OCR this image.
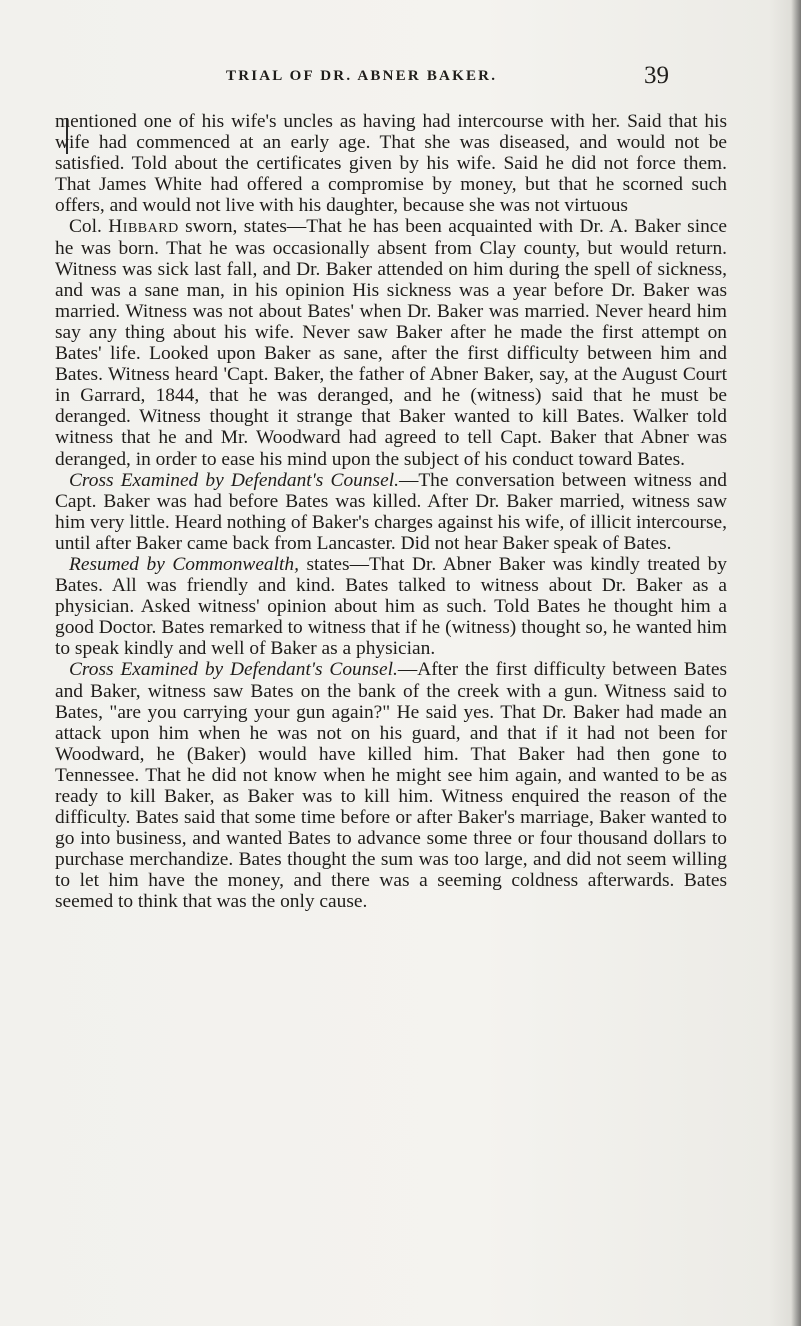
TRIAL OF DR. ABNER BAKER.	39

mentioned one of his wife's uncles as having had intercourse with her. Said that his wife had commenced at an early age. That she was diseased, and would not be satisfied. Told about the certificates given by his wife. Said he did not force them. That James White had offered a compromise by money, but that he scorned such offers, and would not live with his daughter, because she was not virtuous

Col. Hibbard sworn, states—That he has been acquainted with Dr. A. Baker since he was born. That he was occasionally absent from Clay county, but would return. Witness was sick last fall, and Dr. Baker attended on him during the spell of sickness, and was a sane man, in his opinion His sickness was a year before Dr. Baker was married. Witness was not about Bates' when Dr. Baker was married. Never heard him say any thing about his wife. Never saw Baker after he made the first attempt on Bates' life. Looked upon Baker as sane, after the first difficulty between him and Bates. Witness heard 'Capt. Baker, the father of Abner Baker, say, at the August Court in Garrard, 1844, that he was deranged, and he (witness) said that he must be deranged. Witness thought it strange that Baker wanted to kill Bates. Walker told witness that he and Mr. Woodward had agreed to tell Capt. Baker that Abner was deranged, in order to ease his mind upon the subject of his conduct toward Bates.

Cross Examined by Defendant's Counsel.—The conversation between witness and Capt. Baker was had before Bates was killed. After Dr. Baker married, witness saw him very little. Heard nothing of Baker's charges against his wife, of illicit intercourse, until after Baker came back from Lancaster. Did not hear Baker speak of Bates.

Resumed by Commonwealth, states—That Dr. Abner Baker was kindly treated by Bates. All was friendly and kind. Bates talked to witness about Dr. Baker as a physician. Asked witness' opinion about him as such. Told Bates he thought him a good Doctor. Bates remarked to witness that if he (witness) thought so, he wanted him to speak kindly and well of Baker as a physician.

Cross Examined by Defendant's Counsel.—After the first difficulty between Bates and Baker, witness saw Bates on the bank of the creek with a gun. Witness said to Bates, "are you carrying your gun again?" He said yes. That Dr. Baker had made an attack upon him when he was not on his guard, and that if it had not been for Woodward, he (Baker) would have killed him. That Baker had then gone to Tennessee. That he did not know when he might see him again, and wanted to be as ready to kill Baker, as Baker was to kill him. Witness enquired the reason of the difficulty. Bates said that some time before or after Baker's marriage, Baker wanted to go into business, and wanted Bates to advance some three or four thousand dollars to purchase merchandize. Bates thought the sum was too large, and did not seem willing to let him have the money, and there was a seeming coldness afterwards. Bates seemed to think that was the only cause.
